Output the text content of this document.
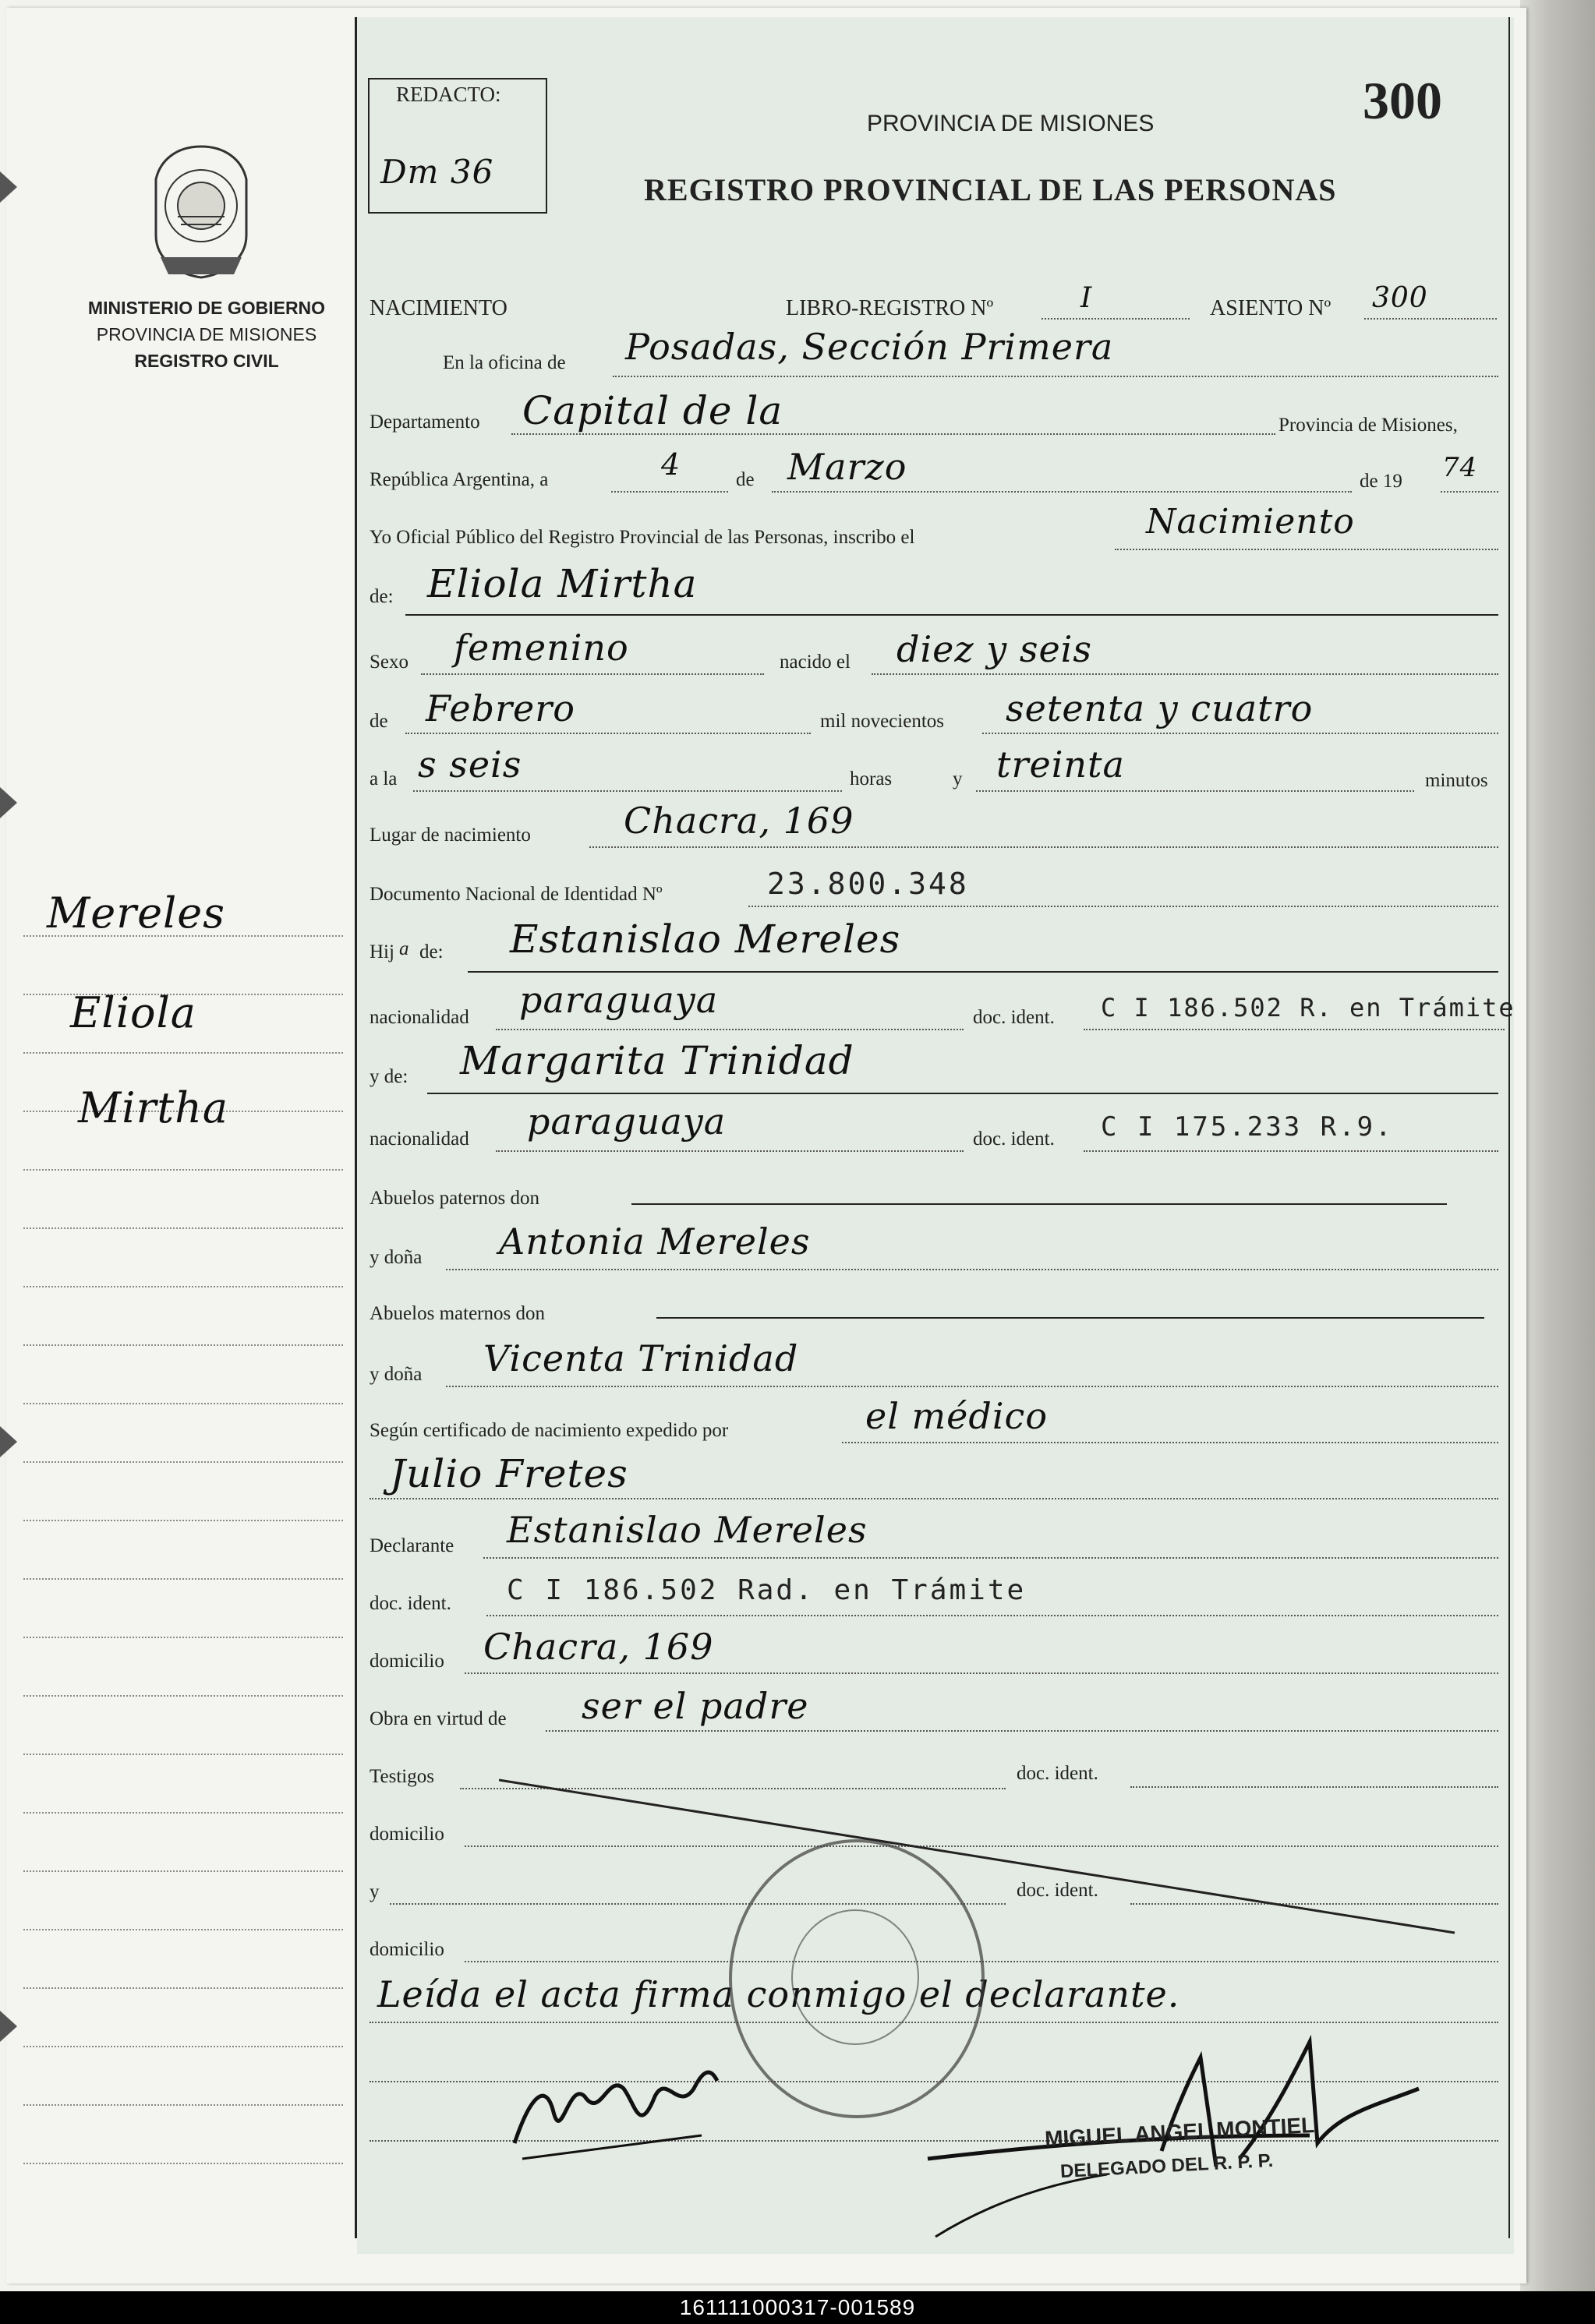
MINISTERIO DE GOBIERNO
PROVINCIA DE MISIONES
REGISTRO CIVIL
Mereles
Eliola
Mirtha
REDACTO:
Dm 36
300
PROVINCIA DE MISIONES
REGISTRO PROVINCIAL DE LAS PERSONAS
NACIMIENTO	LIBRO-REGISTRO Nº	I	ASIENTO Nº 300
En la oficina de Posadas, Sección Primera
Departamento Capital de la	Provincia de Misiones,
República Argentina, a	4	de Marzo	de 19 74
Yo Oficial Público del Registro Provincial de las Personas, inscribo el	Nacimiento
de: Eliola Mirtha
Sexo femenino	nacido el diez y seis
de Febrero	mil novecientos setenta y cuatro
a la s seis	horas	y treinta	minutos
Lugar de nacimiento	Chacra, 169
Documento Nacional de Identidad Nº	23.800.348
Hij a de: Estanislao Mereles
nacionalidad paraguaya	doc. ident. C I 186.502 R. en Trámite
y de: Margarita Trinidad
nacionalidad paraguaya	doc. ident. C I 175.233 R.9.
Abuelos paternos don
y doña Antonia Mereles
Abuelos maternos don
y doña Vicenta Trinidad
Según certificado de nacimiento expedido por	el médico
Julio Fretes
Declarante Estanislao Mereles
doc. ident. C I 186.502 Rad. en Trámite
domicilio Chacra, 169
Obra en virtud de ser el padre
Testigos	doc. ident.
domicilio
y	doc. ident.
domicilio
Leída el acta firma conmigo el declarante.
MIGUEL ANGEL MONTIEL
DELEGADO DEL R. P. P.
161111000317-001589
